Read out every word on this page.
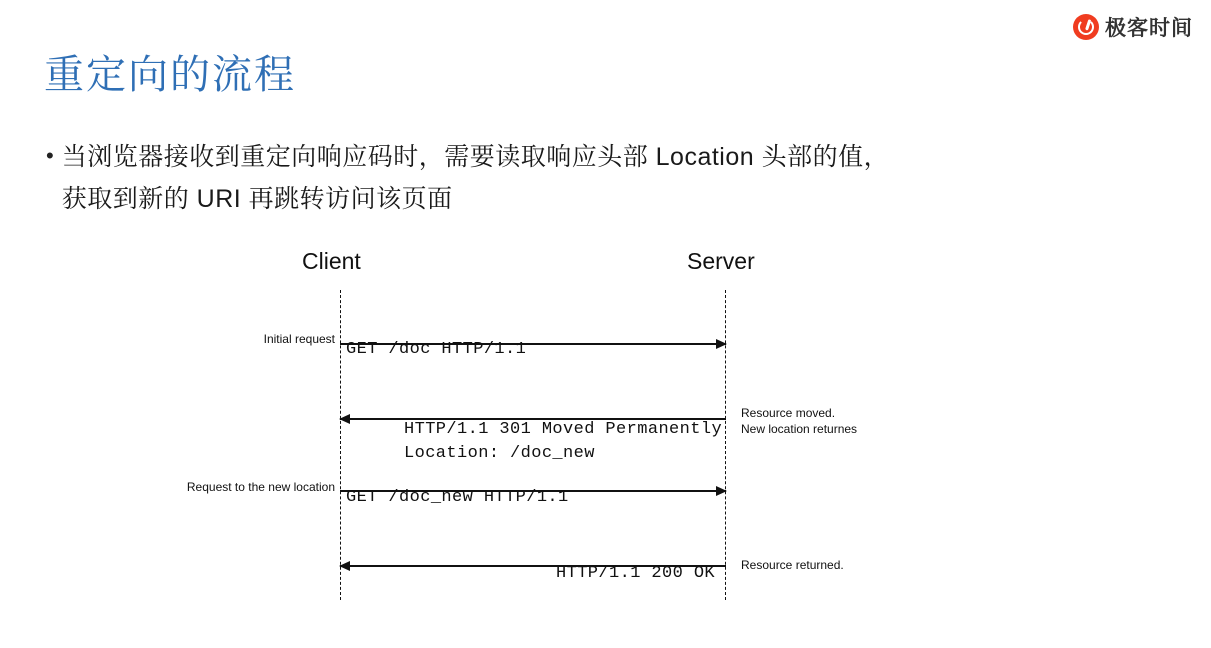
极客时间
重定向的流程
• 当浏览器接收到重定向响应码时，需要读取响应头部 Location 头部的值，
获取到新的 URI 再跳转访问该页面
Client	Server
GET /doc HTTP/1.1
Initial request
HTTP/1.1 301 Moved Permanently
Location: /doc_new
Resource moved.
New location returnes
GET /doc_new HTTP/1.1
Request to the new location
HTTP/1.1 200 OK Resource returned.
